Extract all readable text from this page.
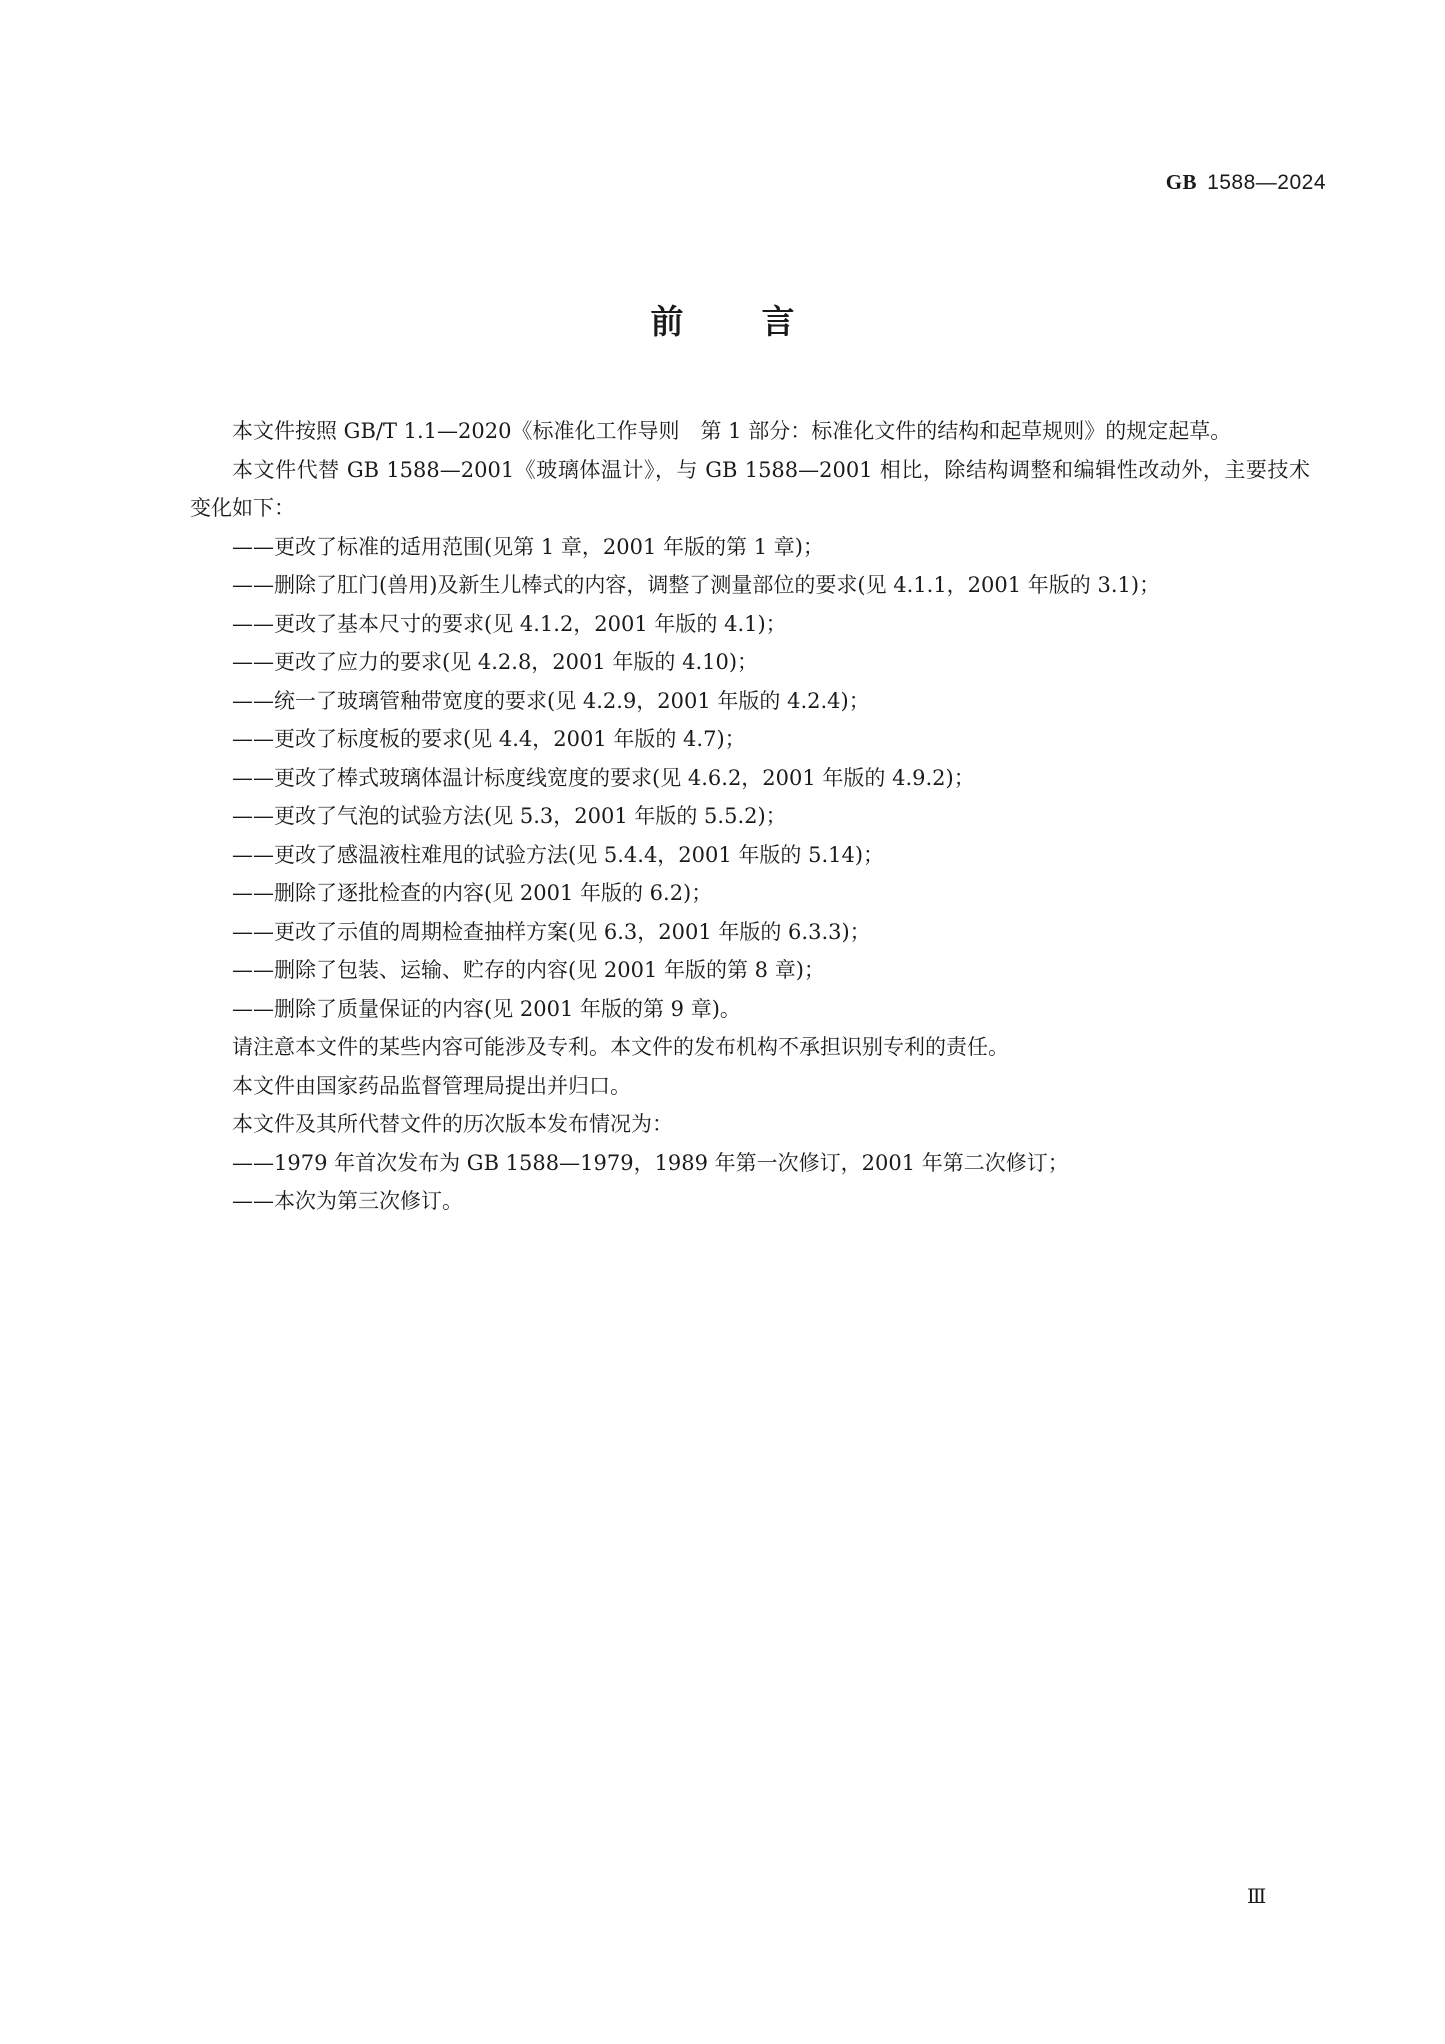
GB 1588—2024
前 言

本文件按照 GB/T 1.1—2020《标准化工作导则　第 1 部分：标准化文件的结构和起草规则》的规定起草。

本文件代替 GB 1588—2001《玻璃体温计》，与 GB 1588—2001 相比，除结构调整和编辑性改动外，主要技术变化如下：

——更改了标准的适用范围(见第 1 章，2001 年版的第 1 章)；

——删除了肛门(兽用)及新生儿棒式的内容，调整了测量部位的要求(见 4.1.1，2001 年版的 3.1)；

——更改了基本尺寸的要求(见 4.1.2，2001 年版的 4.1)；

——更改了应力的要求(见 4.2.8，2001 年版的 4.10)；

——统一了玻璃管釉带宽度的要求(见 4.2.9，2001 年版的 4.2.4)；

——更改了标度板的要求(见 4.4，2001 年版的 4.7)；

——更改了棒式玻璃体温计标度线宽度的要求(见 4.6.2，2001 年版的 4.9.2)；

——更改了气泡的试验方法(见 5.3，2001 年版的 5.5.2)；

——更改了感温液柱难甩的试验方法(见 5.4.4，2001 年版的 5.14)；

——删除了逐批检查的内容(见 2001 年版的 6.2)；

——更改了示值的周期检查抽样方案(见 6.3，2001 年版的 6.3.3)；

——删除了包装、运输、贮存的内容(见 2001 年版的第 8 章)；

——删除了质量保证的内容(见 2001 年版的第 9 章)。

请注意本文件的某些内容可能涉及专利。本文件的发布机构不承担识别专利的责任。

本文件由国家药品监督管理局提出并归口。

本文件及其所代替文件的历次版本发布情况为：

——1979 年首次发布为 GB 1588—1979，1989 年第一次修订，2001 年第二次修订；

——本次为第三次修订。

Ⅲ
